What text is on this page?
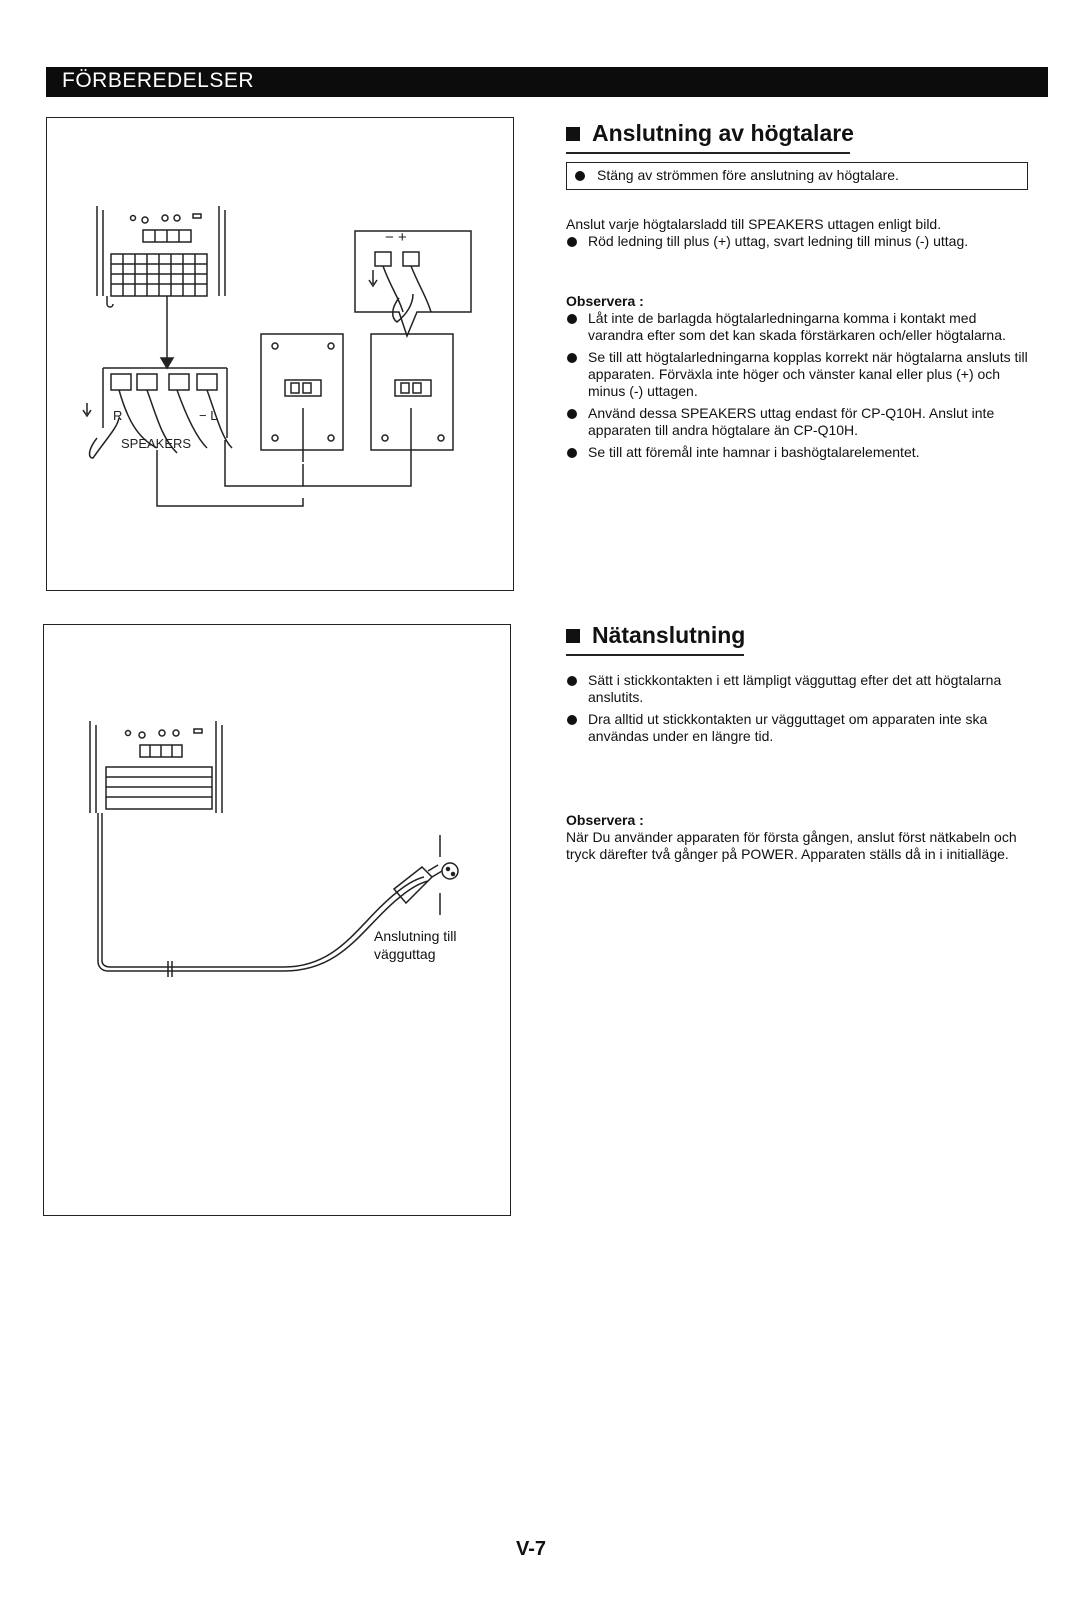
FÖRBEREDELSER
− +
SPEAKERS
R	− L
Anslutning av högtalare
Stäng av strömmen före anslutning av högtalare.
Anslut varje högtalarsladd till SPEAKERS uttagen enligt bild.
Röd ledning till plus (+) uttag, svart ledning till minus (-) uttag.
Observera :
Låt inte de barlagda högtalarledningarna komma i kontakt med varandra efter som det kan skada förstärkaren och/eller högtalarna.
Se till att högtalarledningarna kopplas korrekt när högtalarna ansluts till apparaten. Förväxla inte höger och vänster kanal eller plus (+) och minus (-) uttagen.
Använd dessa SPEAKERS uttag endast för CP-Q10H. Anslut inte apparaten till andra högtalare än CP-Q10H.
Se till att föremål inte hamnar i bashögtalarelementet.
Anslutning till
vägguttag
Nätanslutning
Sätt i stickkontakten i ett lämpligt vägguttag efter det att högtalarna anslutits.
Dra alltid ut stickkontakten ur vägguttaget om apparaten inte ska användas under en längre tid.
Observera :
När Du använder apparaten för första gången, anslut först nätkabeln och tryck därefter två gånger på POWER. Apparaten ställs då in i initialläge.
V-7
